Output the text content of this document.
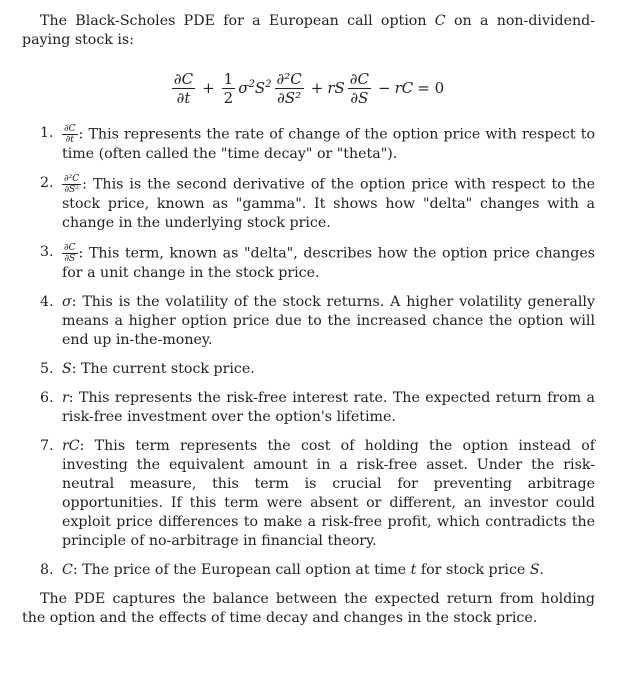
The Black-Scholes PDE for a European call option C on a non-dividend-paying stock is:

$\frac{\partial C}{\partial t} + \frac{1}{2} \sigma^2S^2 \frac{\text{∂²C}}{\text{∂S²}}$ + rS $\frac{\partial C}{\partial S}$ − rC = 0
1. $\frac{\partial C}{\partial t}$ : This represents the rate of change of the option price with respect to time (often called the "time decay" or "theta").
2. $\frac{\text{∂²C}}{\text{∂S²}}$ : This is the second derivative of the option price with respect to the stock price, known as "gamma". It shows how "delta" changes with a change in the underlying stock price.
3. $\frac{\partial C}{\partial S}$ : This term, known as "delta", describes how the option price changes for a unit change in the stock price.
4. σ: This is the volatility of the stock returns. A higher volatility generally means a higher option price due to the increased chance the option will end up in-the-money.
5. S: The current stock price.
6. r: This represents the risk-free interest rate. The expected return from a risk-free investment over the option's lifetime.
7. rC: This term represents the cost of holding the option instead of investing the equivalent amount in a risk-free asset. Under the risk-neutral measure, this term is crucial for preventing arbitrage opportunities. If this term were absent or different, an investor could exploit price differences to make a risk-free profit, which contradicts the principle of no-arbitrage in financial theory.
8. C: The price of the European call option at time t for stock price S.

The PDE captures the balance between the expected return from holding the option and the effects of time decay and changes in the stock price.
